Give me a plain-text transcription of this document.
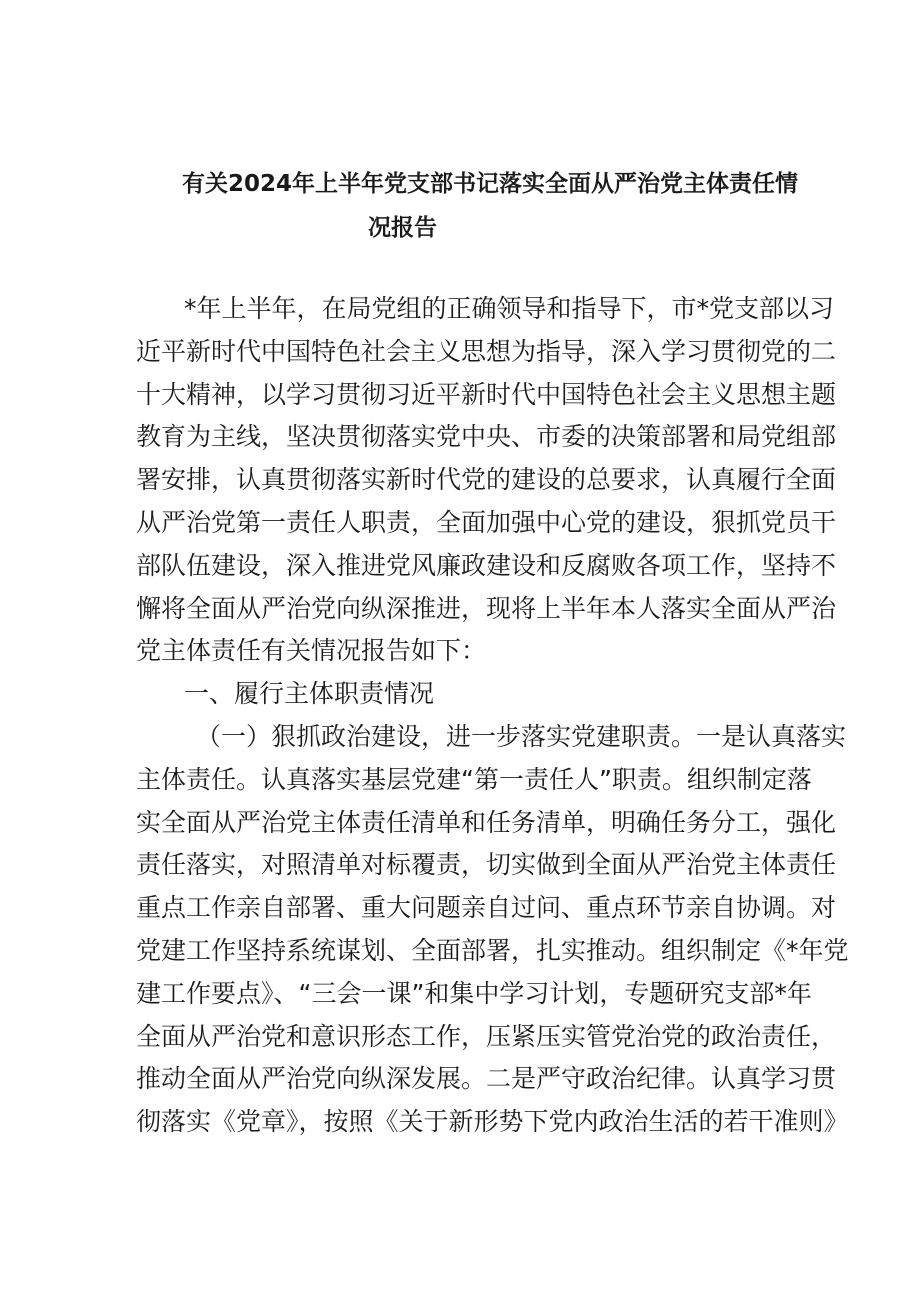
有关2024年上半年党支部书记落实全面从严治党主体责任情
况报告
*年上半年，在局党组的正确领导和指导下，市*党支部以习
近平新时代中国特色社会主义思想为指导，深入学习贯彻党的二
十大精神，以学习贯彻习近平新时代中国特色社会主义思想主题
教育为主线，坚决贯彻落实党中央、市委的决策部署和局党组部
署安排，认真贯彻落实新时代党的建设的总要求，认真履行全面
从严治党第一责任人职责，全面加强中心党的建设，狠抓党员干
部队伍建设，深入推进党风廉政建设和反腐败各项工作，坚持不
懈将全面从严治党向纵深推进，现将上半年本人落实全面从严治
党主体责任有关情况报告如下：
一、履行主体职责情况
（一）狠抓政治建设，进一步落实党建职责。一是认真落实
主体责任。认真落实基层党建“第一责任人”职责。组织制定落
实全面从严治党主体责任清单和任务清单，明确任务分工，强化
责任落实，对照清单对标覆责，切实做到全面从严治党主体责任
重点工作亲自部署、重大问题亲自过问、重点环节亲自协调。对
党建工作坚持系统谋划、全面部署，扎实推动。组织制定《*年党
建工作要点》、“三会一课”和集中学习计划，专题研究支部*年
全面从严治党和意识形态工作，压紧压实管党治党的政治责任，
推动全面从严治党向纵深发展。二是严守政治纪律。认真学习贯
彻落实《党章》，按照《关于新形势下党内政治生活的若干准则》
